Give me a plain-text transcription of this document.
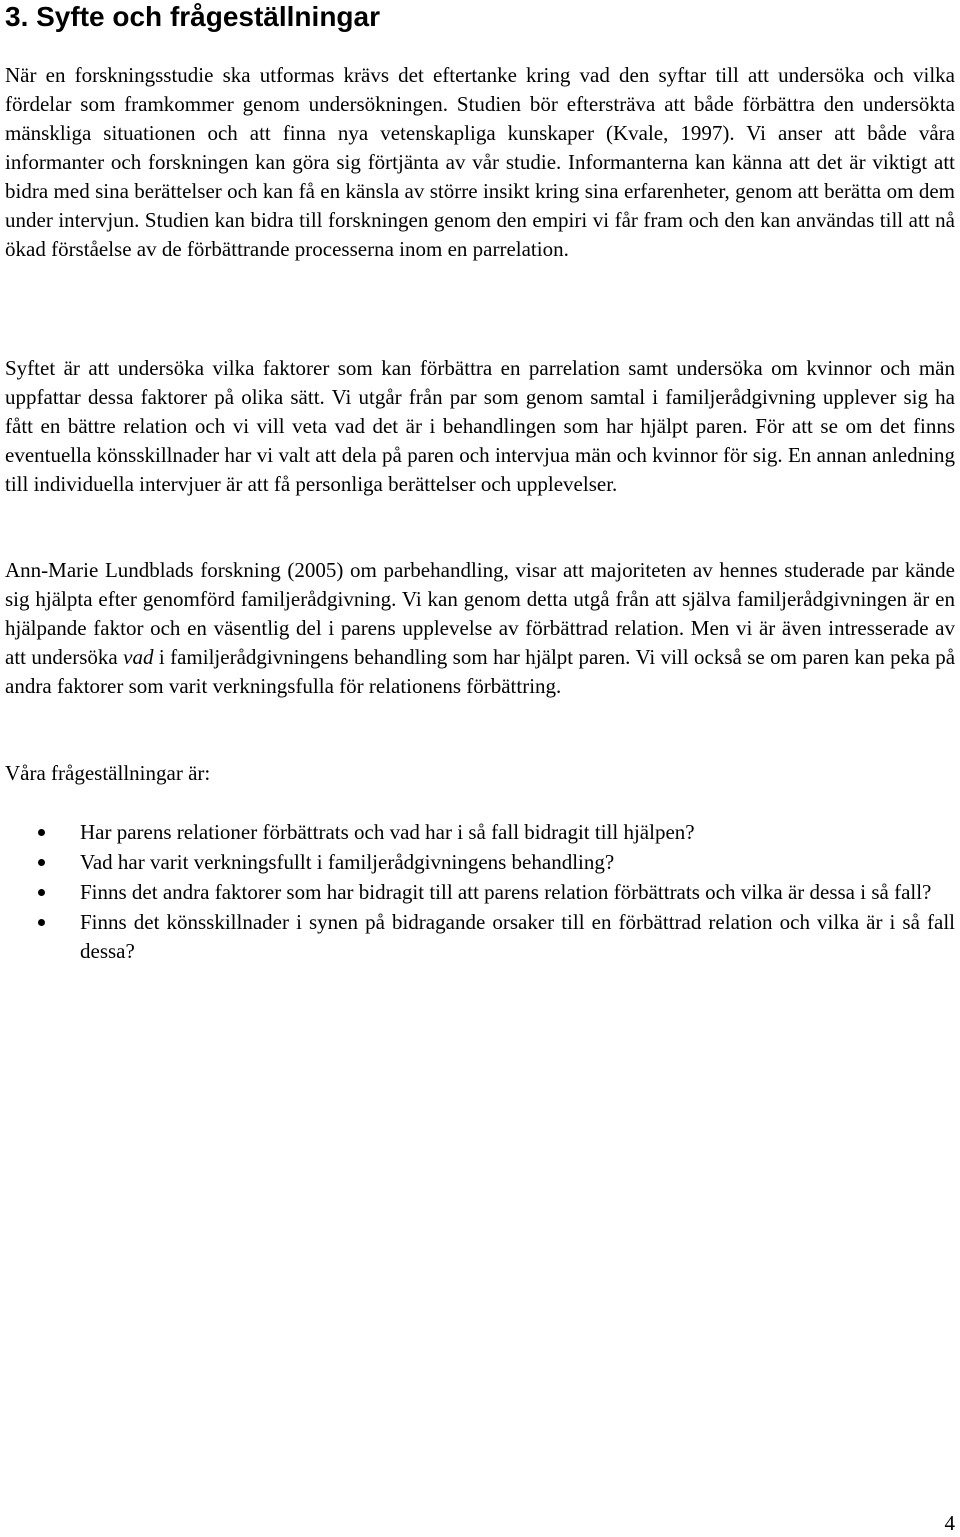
3. Syfte och frågeställningar

När en forskningsstudie ska utformas krävs det eftertanke kring vad den syftar till att undersöka och vilka fördelar som framkommer genom undersökningen. Studien bör eftersträva att både förbättra den undersökta mänskliga situationen och att finna nya vetenskapliga kunskaper (Kvale, 1997). Vi anser att både våra informanter och forskningen kan göra sig förtjänta av vår studie. Informanterna kan känna att det är viktigt att bidra med sina berättelser och kan få en känsla av större insikt kring sina erfarenheter, genom att berätta om dem under intervjun. Studien kan bidra till forskningen genom den empiri vi får fram och den kan användas till att nå ökad förståelse av de förbättrande processerna inom en parrelation.

Syftet är att undersöka vilka faktorer som kan förbättra en parrelation samt undersöka om kvinnor och män uppfattar dessa faktorer på olika sätt. Vi utgår från par som genom samtal i familjerådgivning upplever sig ha fått en bättre relation och vi vill veta vad det är i behandlingen som har hjälpt paren. För att se om det finns eventuella könsskillnader har vi valt att dela på paren och intervjua män och kvinnor för sig. En annan anledning till individuella intervjuer är att få personliga berättelser och upplevelser.

Ann-Marie Lundblads forskning (2005) om parbehandling, visar att majoriteten av hennes studerade par kände sig hjälpta efter genomförd familjerådgivning. Vi kan genom detta utgå från att själva familjerådgivningen är en hjälpande faktor och en väsentlig del i parens upplevelse av förbättrad relation. Men vi är även intresserade av att undersöka vad i familjerådgivningens behandling som har hjälpt paren. Vi vill också se om paren kan peka på andra faktorer som varit verkningsfulla för relationens förbättring.

Våra frågeställningar är:

Har parens relationer förbättrats och vad har i så fall bidragit till hjälpen?
Vad har varit verkningsfullt i familjerådgivningens behandling?
Finns det andra faktorer som har bidragit till att parens relation förbättrats och vilka är dessa i så fall?
Finns det könsskillnader i synen på bidragande orsaker till en förbättrad relation och vilka är i så fall dessa?
4
